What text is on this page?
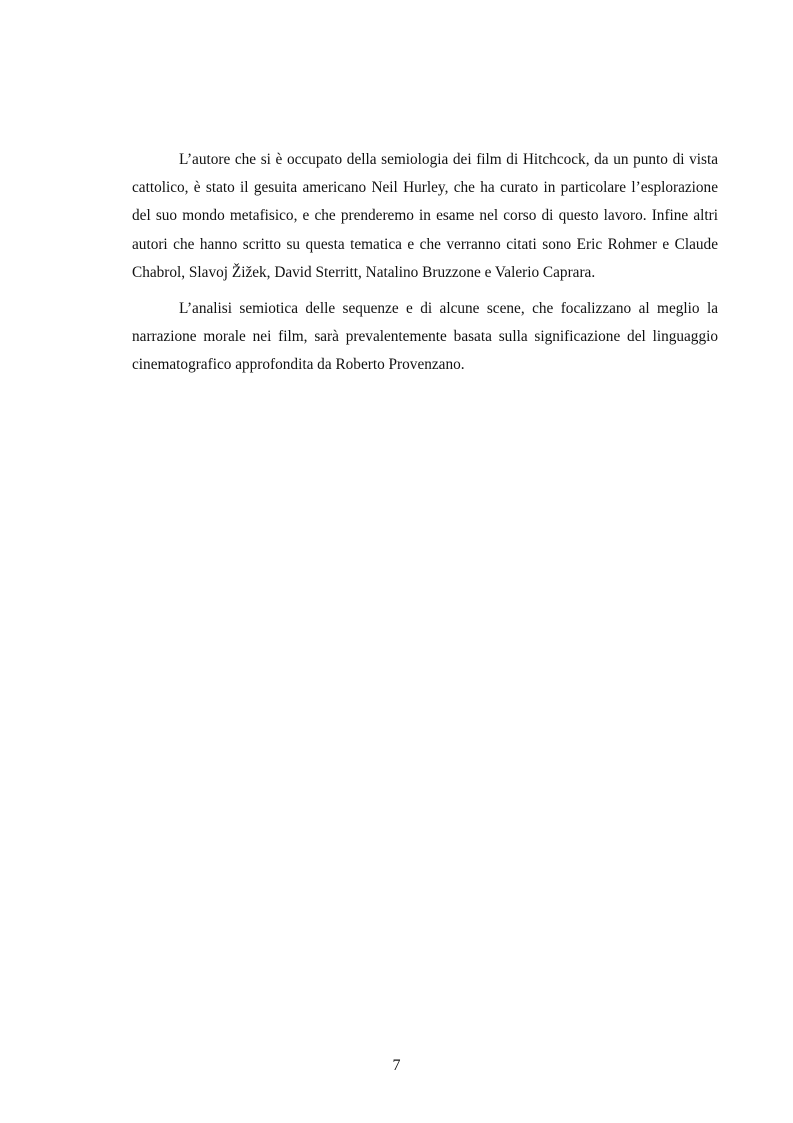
L’autore che si è occupato della semiologia dei film di Hitchcock, da un punto di vista cattolico, è stato il gesuita americano Neil Hurley, che ha curato in particolare l’esplorazione del suo mondo metafisico, e che prenderemo in esame nel corso di questo lavoro. Infine altri autori che hanno scritto su questa tematica e che verranno citati sono Eric Rohmer e Claude Chabrol, Slavoj Žižek, David Sterritt, Natalino Bruzzone e Valerio Caprara.

L’analisi semiotica delle sequenze e di alcune scene, che focalizzano al meglio la narrazione morale nei film, sarà prevalentemente basata sulla significazione del linguaggio cinematografico approfondita da Roberto Provenzano.

7
